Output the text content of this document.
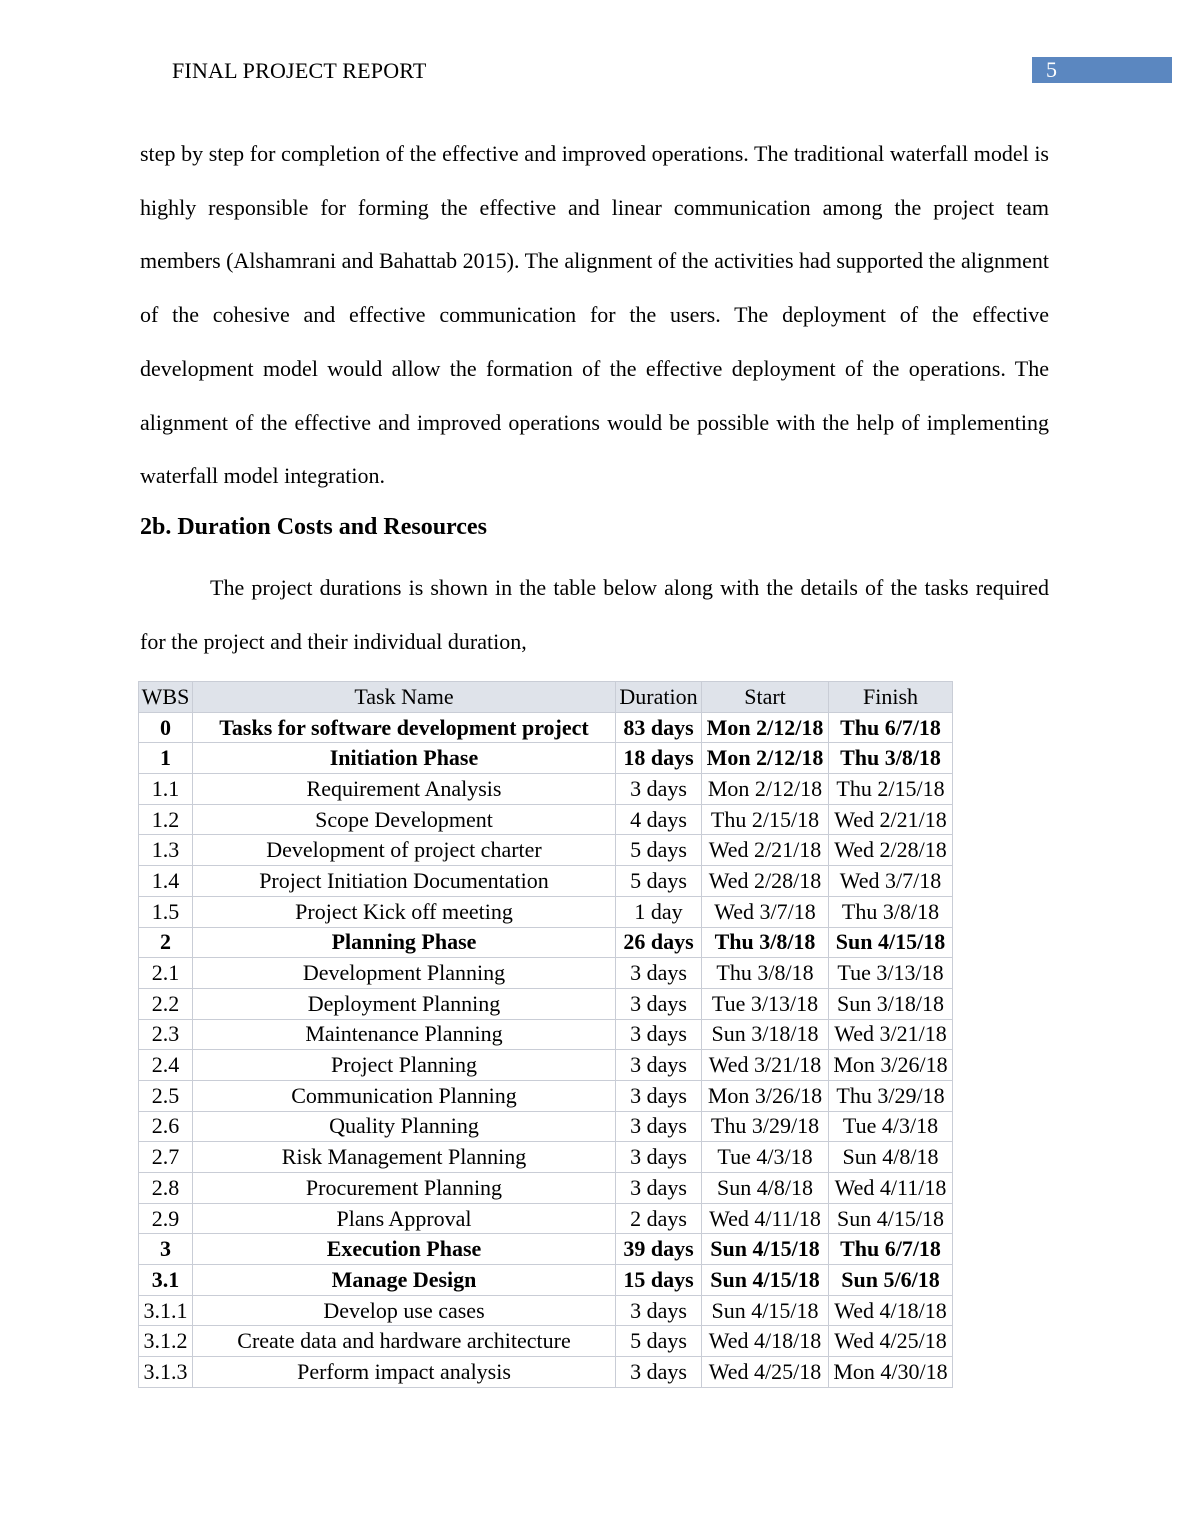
FINAL PROJECT REPORT	5

step by step for completion of the effective and improved operations. The traditional waterfall model is highly responsible for forming the effective and linear communication among the project team members (Alshamrani and Bahattab 2015). The alignment of the activities had supported the alignment of the cohesive and effective communication for the users. The deployment of the effective development model would allow the formation of the effective deployment of the operations. The alignment of the effective and improved operations would be possible with the help of implementing waterfall model integration.

2b. Duration Costs and Resources

The project durations is shown in the table below along with the details of the tasks required for the project and their individual duration,

WBS	Task Name	Duration	Start	Finish
0	Tasks for software development project	83 days	Mon 2/12/18	Thu 6/7/18
1	Initiation Phase	18 days	Mon 2/12/18	Thu 3/8/18
1.1	Requirement Analysis	3 days	Mon 2/12/18	Thu 2/15/18
1.2	Scope Development	4 days	Thu 2/15/18	Wed 2/21/18
1.3	Development of project charter	5 days	Wed 2/21/18	Wed 2/28/18
1.4	Project Initiation Documentation	5 days	Wed 2/28/18	Wed 3/7/18
1.5	Project Kick off meeting	1 day	Wed 3/7/18	Thu 3/8/18
2	Planning Phase	26 days	Thu 3/8/18	Sun 4/15/18
2.1	Development Planning	3 days	Thu 3/8/18	Tue 3/13/18
2.2	Deployment Planning	3 days	Tue 3/13/18	Sun 3/18/18
2.3	Maintenance Planning	3 days	Sun 3/18/18	Wed 3/21/18
2.4	Project Planning	3 days	Wed 3/21/18	Mon 3/26/18
2.5	Communication Planning	3 days	Mon 3/26/18	Thu 3/29/18
2.6	Quality Planning	3 days	Thu 3/29/18	Tue 4/3/18
2.7	Risk Management Planning	3 days	Tue 4/3/18	Sun 4/8/18
2.8	Procurement Planning	3 days	Sun 4/8/18	Wed 4/11/18
2.9	Plans Approval	2 days	Wed 4/11/18	Sun 4/15/18
3	Execution Phase	39 days	Sun 4/15/18	Thu 6/7/18
3.1	Manage Design	15 days	Sun 4/15/18	Sun 5/6/18
3.1.1	Develop use cases	3 days	Sun 4/15/18	Wed 4/18/18
3.1.2	Create data and hardware architecture	5 days	Wed 4/18/18	Wed 4/25/18
3.1.3	Perform impact analysis	3 days	Wed 4/25/18	Mon 4/30/18
